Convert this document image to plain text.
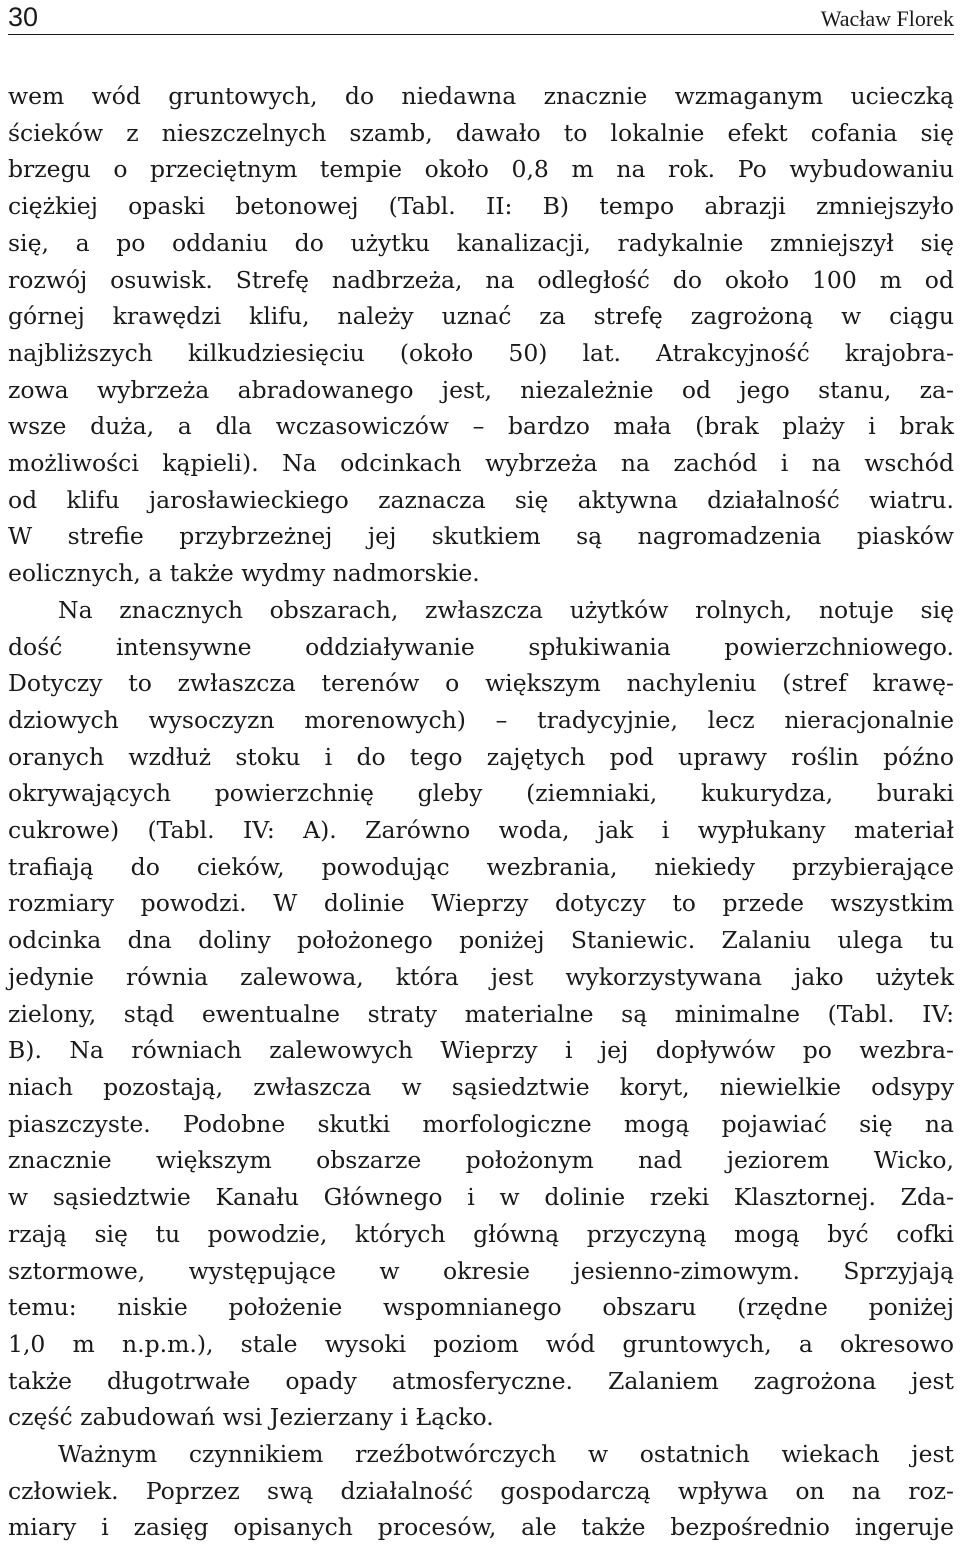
30	Wacław Florek

wem wód gruntowych, do niedawna znacznie wzmaganym ucieczką

ścieków z nieszczelnych szamb, dawało to lokalnie efekt cofania się

brzegu o przeciętnym tempie około 0,8 m na rok. Po wybudowaniu

ciężkiej opaski betonowej (Tabl. II: B) tempo abrazji zmniejszyło

się, a po oddaniu do użytku kanalizacji, radykalnie zmniejszył się

rozwój osuwisk. Strefę nadbrzeża, na odległość do około 100 m od

górnej krawędzi klifu, należy uznać za strefę zagrożoną w ciągu

najbliższych kilkudziesięciu (około 50) lat. Atrakcyjność krajobra-

zowa wybrzeża abradowanego jest, niezależnie od jego stanu, za-

wsze duża, a dla wczasowiczów – bardzo mała (brak plaży i brak

możliwości kąpieli). Na odcinkach wybrzeża na zachód i na wschód

od klifu jarosławieckiego zaznacza się aktywna działalność wiatru.

W strefie przybrzeżnej jej skutkiem są nagromadzenia piasków

eolicznych, a także wydmy nadmorskie.

Na znacznych obszarach, zwłaszcza użytków rolnych, notuje się

dość intensywne oddziaływanie spłukiwania powierzchniowego.

Dotyczy to zwłaszcza terenów o większym nachyleniu (stref krawę-

dziowych wysoczyzn morenowych) – tradycyjnie, lecz nieracjonalnie

oranych wzdłuż stoku i do tego zajętych pod uprawy roślin późno

okrywających powierzchnię gleby (ziemniaki, kukurydza, buraki

cukrowe) (Tabl. IV: A). Zarówno woda, jak i wypłukany materiał

trafiają do cieków, powodując wezbrania, niekiedy przybierające

rozmiary powodzi. W dolinie Wieprzy dotyczy to przede wszystkim

odcinka dna doliny położonego poniżej Staniewic. Zalaniu ulega tu

jedynie równia zalewowa, która jest wykorzystywana jako użytek

zielony, stąd ewentualne straty materialne są minimalne (Tabl. IV:

B). Na równiach zalewowych Wieprzy i jej dopływów po wezbra-

niach pozostają, zwłaszcza w sąsiedztwie koryt, niewielkie odsypy

piaszczyste. Podobne skutki morfologiczne mogą pojawiać się na

znacznie większym obszarze położonym nad jeziorem Wicko,

w sąsiedztwie Kanału Głównego i w dolinie rzeki Klasztornej. Zda-

rzają się tu powodzie, których główną przyczyną mogą być cofki

sztormowe, występujące w okresie jesienno-zimowym. Sprzyjają

temu: niskie położenie wspomnianego obszaru (rzędne poniżej

1,0 m n.p.m.), stale wysoki poziom wód gruntowych, a okresowo

także długotrwałe opady atmosferyczne. Zalaniem zagrożona jest

część zabudowań wsi Jezierzany i Łącko.

Ważnym czynnikiem rzeźbotwórczych w ostatnich wiekach jest

człowiek. Poprzez swą działalność gospodarczą wpływa on na roz-

miary i zasięg opisanych procesów, ale także bezpośrednio ingeruje
